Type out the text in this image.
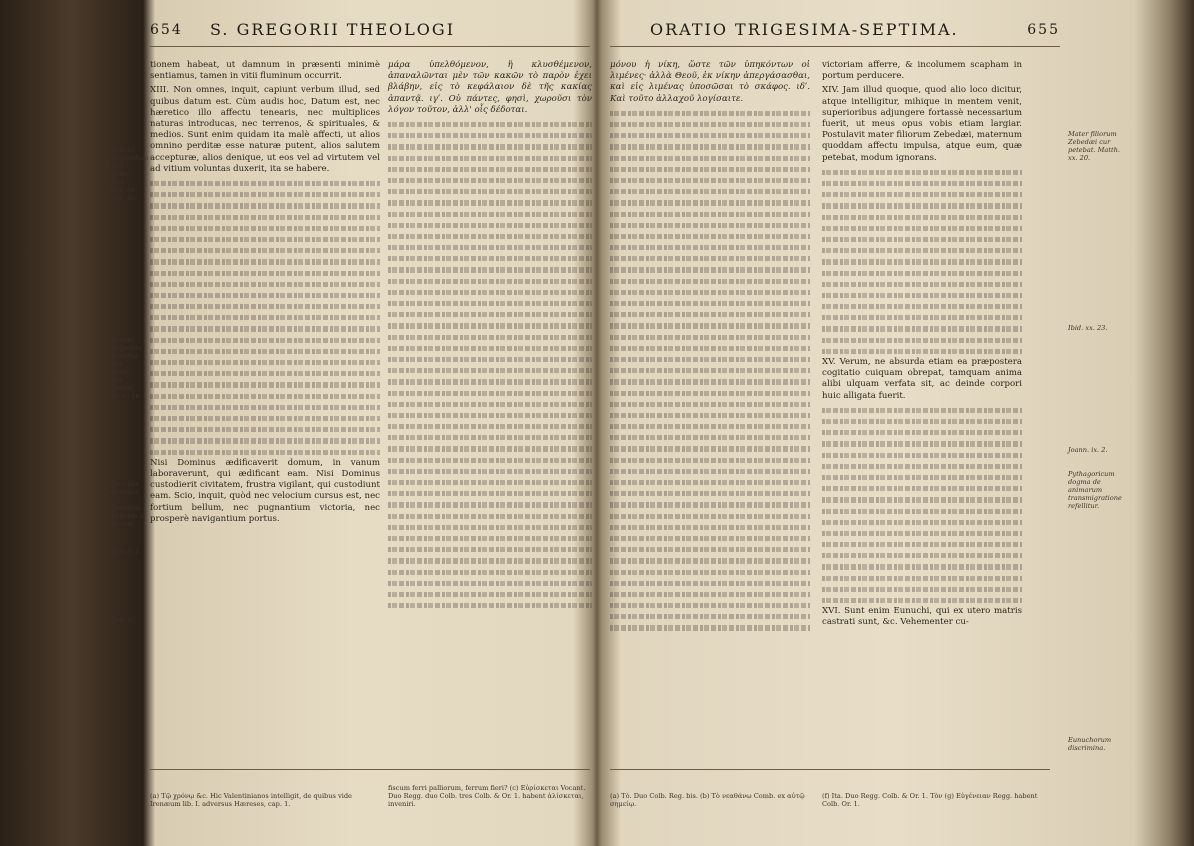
654 S. GREGORII THEOLOGI
Quomodo intelligendum sit hoc verbum: quibus datum est. Matth. xix. 11.
Quomodo intelligenda hæc verba: neque volentis, neque currentis. Rom. ix. 16.
Solus Deus custodibus & currentibus præsidium & victoriam dat.
Ps. cxxvi. 1.
Eccles. ix. 11.

tionem habeat, ut damnum in præsenti minimè sentiamus, tamen in vitii fluminum occurrit.

XIII. Non omnes, inquit, capiunt verbum illud, sed quibus datum est. Cùm audis hoc, Datum est, nec hæretico illo affectu tenearis, nec multiplices naturas introducas, nec terrenos, & spirituales, & medios. Sunt enim quidam ita malè affecti, ut alios omnino perditæ esse naturæ putent, alios salutem accepturæ, alios denique, ut eos vel ad virtutem vel ad vitium voluntas duxerit, ita se habere.

Nisi Dominus ædificaverit domum, in vanum laboraverunt, qui ædificant eam. Nisi Dominus custodierit civitatem, frustra vigilant, qui custodiunt eam. Scio, inquit, quòd nec velocium cursus est, nec fortium bellum, nec pugnantium victoria, nec prosperè navigantium portus.

μάρα ὑπελθόμενον, ἢ κλυσθέμενον, ἀπαναλῶνται μὲν τῶν κακῶν τὸ παρὸν ἐχει βλάβην, εἰς τὸ κεφάλαιον δὲ τῆς κακίας ἀπαντᾷ. ιγʹ. Οὐ πάντες, φησὶ, χωροῦσι τὸν λόγον τοῦτον, ἀλλ' οἷς δέδοται.

(a) Τῷ χρόνῳ &c. Hic Valentinianos intelligit, de quibus vide Irenæum lib. I. adversus Hæreses, cap. 1.
fiscum ferri palliorum, ferrum fieri? (c) Εὐρίσκεται Vocant. Duo Regg. duo Colb. tres Colb. & Or. 1. habent ἁλίσκεται, inveniri.
ORATIO TRIGESIMA-SEPTIMA.	655
Mater filiorum Zebedæi cur petebat. Matth. xx. 20.
Ibid. xx. 23.
Joann. ix. 2.
Pythagoricum dogma de animarum transmigratione refellitur.
Eunuchorum discrimina.

μόνου ἡ νίκη, ὥστε τῶν ὑπηκόντων οἱ λιμένες· ἀλλὰ Θεοῦ, ἐκ νίκην ἀπεργάσασθαι, καὶ εἰς λιμένας ὑποσῶσαι τὸ σκάφος. ιδʹ. Καὶ τοῦτο ἀλλαχοῦ λογίσαιτε.

victoriam afferre, & incolumem scapham in portum perducere.

XIV. Jam illud quoque, quod alio loco dicitur, atque intelligitur, mihique in mentem venit, superioribus adjungere fortassè necessarium fuerit, ut meus opus vobis etiam largiar. Postulavit mater filiorum Zebedæi, maternum quoddam affectu impulsa, atque eum, quæ petebat, modum ignorans.

XV. Verum, ne absurda etiam ea præpostera cogitatio cuiquam obrepat, tamquam anima alibi ulquam verfata sit, ac deinde corpori huic alligata fuerit.

XVI. Sunt enim Eunuchi, qui ex utero matris castrati sunt, &c. Vehementer cu-

(a) Τὸ. Duo Colb. Reg. bis. (b) Τὸ νεαθάνω Comb. ex αὐτῷ σημείῳ.
(f) Ita. Duo Regg. Colb. & Or. 1. Τὸν (g) Εὐγένειαν Regg. habent Colb. Or. 1.
